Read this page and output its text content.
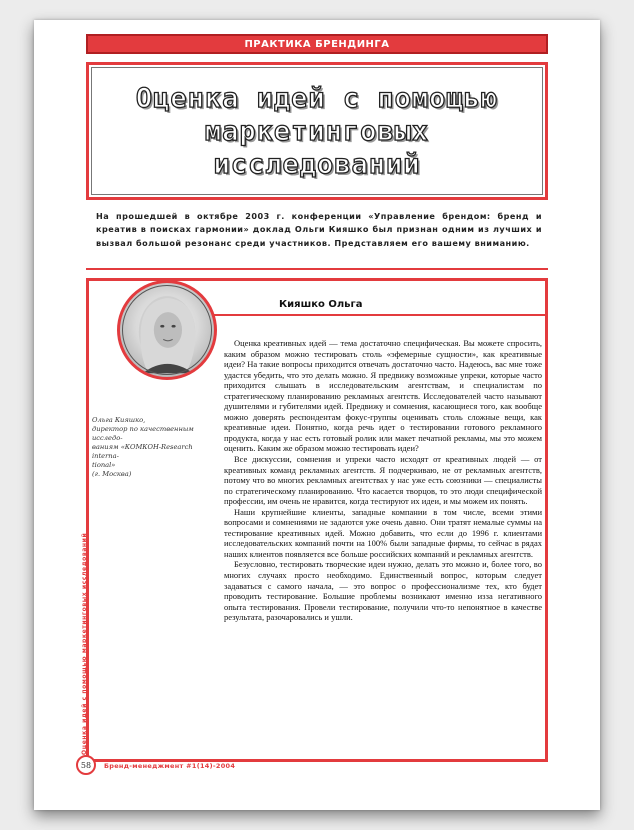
ПРАКТИКА БРЕНДИНГА
Оценка идей с помощью маркетинговых исследований
На прошедшей в октябре 2003 г. конференции «Управление брендом: бренд и креатив в поисках гармонии» доклад Ольги Кияшко был признан одним из лучших и вызвал большой резонанс среди участников. Представляем его вашему вниманию.
Кияшко Ольга
Ольга Кияшко,
директор по качественным исследо-
ваниям «КОМКОН-Research interna-
tional»
(г. Москва)

Оценка креативных идей — тема достаточно специфическая. Вы можете спросить, каким образом можно тестировать столь «эфемерные сущности», как креативные идеи? На такие вопросы приходится отвечать достаточно часто. Надеюсь, вас мне тоже удастся убедить, что это делать можно. Я предвижу возможные упреки, которые часто приходится слышать в исследовательским агентствам, и специалистам по стратегическому планированию рекламных агентств. Исследователей часто называют душителями и губителями идей. Предвижу и сомнения, касающиеся того, как вообще можно доверять респондентам фокус-группы оценивать столь сложные вещи, как креативные идеи. Понятно, когда речь идет о тестировании готового рекламного продукта, когда у нас есть готовый ролик или макет печатной рекламы, мы это можем оценить. Каким же образом можно тестировать идеи?

Все дискуссии, сомнения и упреки часто исходят от креативных людей — от креативных команд рекламных агентств. Я подчеркиваю, не от рекламных агентств, потому что во многих рекламных агентствах у нас уже есть союзники — специалисты по стратегическому планированию. Что касается творцов, то это люди специфической профессии, им очень не нравится, когда тестируют их идеи, и мы можем их понять.

Наши крупнейшие клиенты, западные компании в том числе, всеми этими вопросами и сомнениями не задаются уже очень давно. Они тратят немалые суммы на тестирование креативных идей. Можно добавить, что если до 1996 г. клиентами исследовательских компаний почти на 100% были западные фирмы, то сейчас в рядах наших клиентов появляется все больше российских компаний и рекламных агентств.

Безусловно, тестировать творческие идеи нужно, делать это можно и, более того, во многих случаях просто необходимо. Единственный вопрос, которым следует задаваться с самого начала, — это вопрос о профессионализме тех, кто будет проводить тестирование. Большие проблемы возникают именно изза негативного опыта тестирования. Провели тестирование, получили что-то непонятное в качестве результата, разочаровались и ушли.

Оценка идей с помощью маркетинговых исследований
58	Бренд-менеджмент #1(14)-2004
